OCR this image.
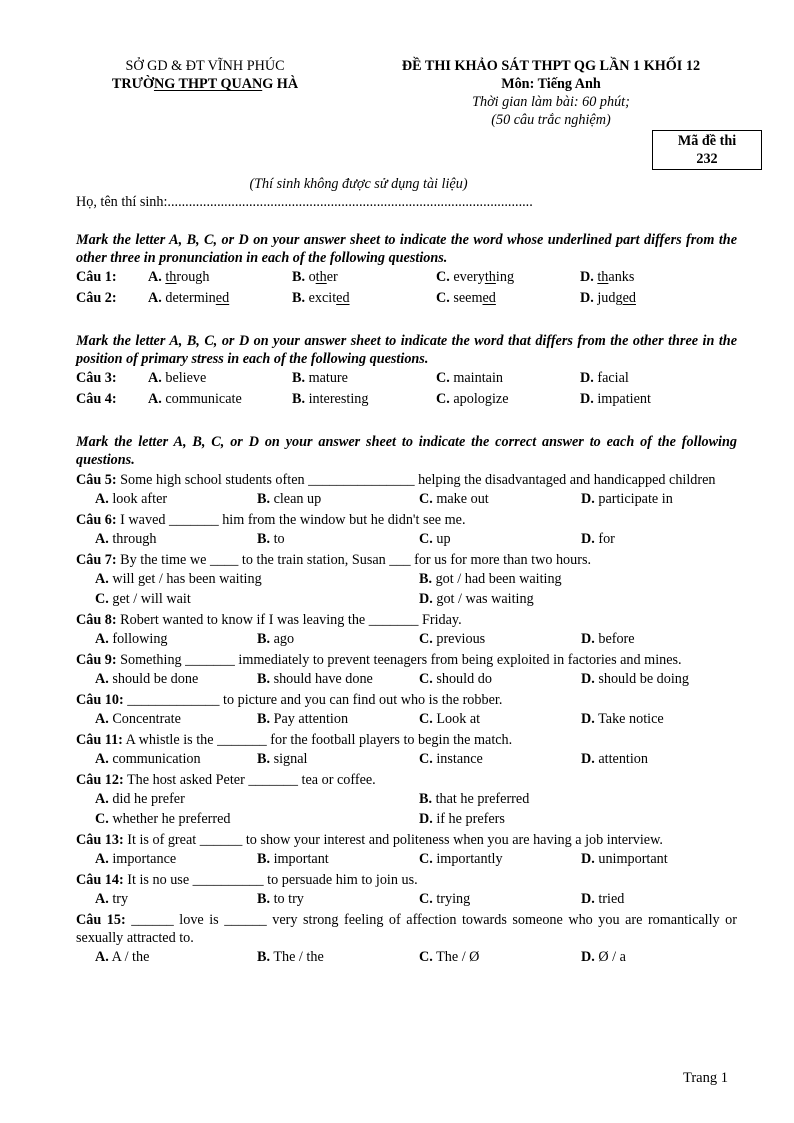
SỞ GD & ĐT VĨNH PHÚC
TRƯỜNG THPT QUANG HÀ
ĐỀ THI KHẢO SÁT THPT QG LẦN 1 KHỐI 12
Môn: Tiếng Anh
Thời gian làm bài: 60 phút;
(50 câu trắc nghiệm)
Mã đề thi
232
(Thí sinh không được sử dụng tài liệu)
Họ, tên thí sinh:.......................................................................................................
Mark the letter A, B, C, or D on your answer sheet to indicate the word whose underlined part differs from the other three in pronunciation in each of the following questions.
Câu 1: A. through	B. other	C. everything	D. thanks
Câu 2: A. determined	B. excited	C. seemed	D. judged
Mark the letter A, B, C, or D on your answer sheet to indicate the word that differs from the other three in the position of primary stress in each of the following questions.
Câu 3: A. believe	B. mature	C. maintain	D. facial
Câu 4: A. communicate	B. interesting	C. apologize	D. impatient
Mark the letter A, B, C, or D on your answer sheet to indicate the correct answer to each of the following questions.
Câu 5: Some high school students often _______________ helping the disadvantaged and handicapped children
A. look after	B. clean up	C. make out	D. participate in
Câu 6: I waved _______ him from the window but he didn't see me.
A. through	B. to	C. up	D. for
Câu 7: By the time we ____ to the train station, Susan ___ for us for more than two hours.
A. will get / has been waiting	B. got / had been waiting
C. get / will wait	D. got / was waiting
Câu 8: Robert wanted to know if I was leaving the _______ Friday.
A. following	B. ago	C. previous	D. before
Câu 9: Something _______ immediately to prevent teenagers from being exploited in factories and mines.
A. should be done	B. should have done	C. should do	D. should be doing
Câu 10: _____________ to picture and you can find out who is the robber.
A. Concentrate	B. Pay attention	C. Look at	D. Take notice
Câu 11: A whistle is the _______ for the football players to begin the match.
A. communication	B. signal	C. instance	D. attention
Câu 12: The host asked Peter _______ tea or coffee.
A. did he prefer	B. that he preferred
C. whether he preferred	D. if he prefers
Câu 13: It is of great ______ to show your interest and politeness when you are having a job interview.
A. importance	B. important	C. importantly	D. unimportant
Câu 14: It is no use __________ to persuade him to join us.
A. try	B. to try	C. trying	D. tried
Câu 15: ______ love is ______ very strong feeling of affection towards someone who you are romantically or sexually attracted to.
A. A / the	B. The / the	C. The / Ø	D. Ø / a
Trang 1
